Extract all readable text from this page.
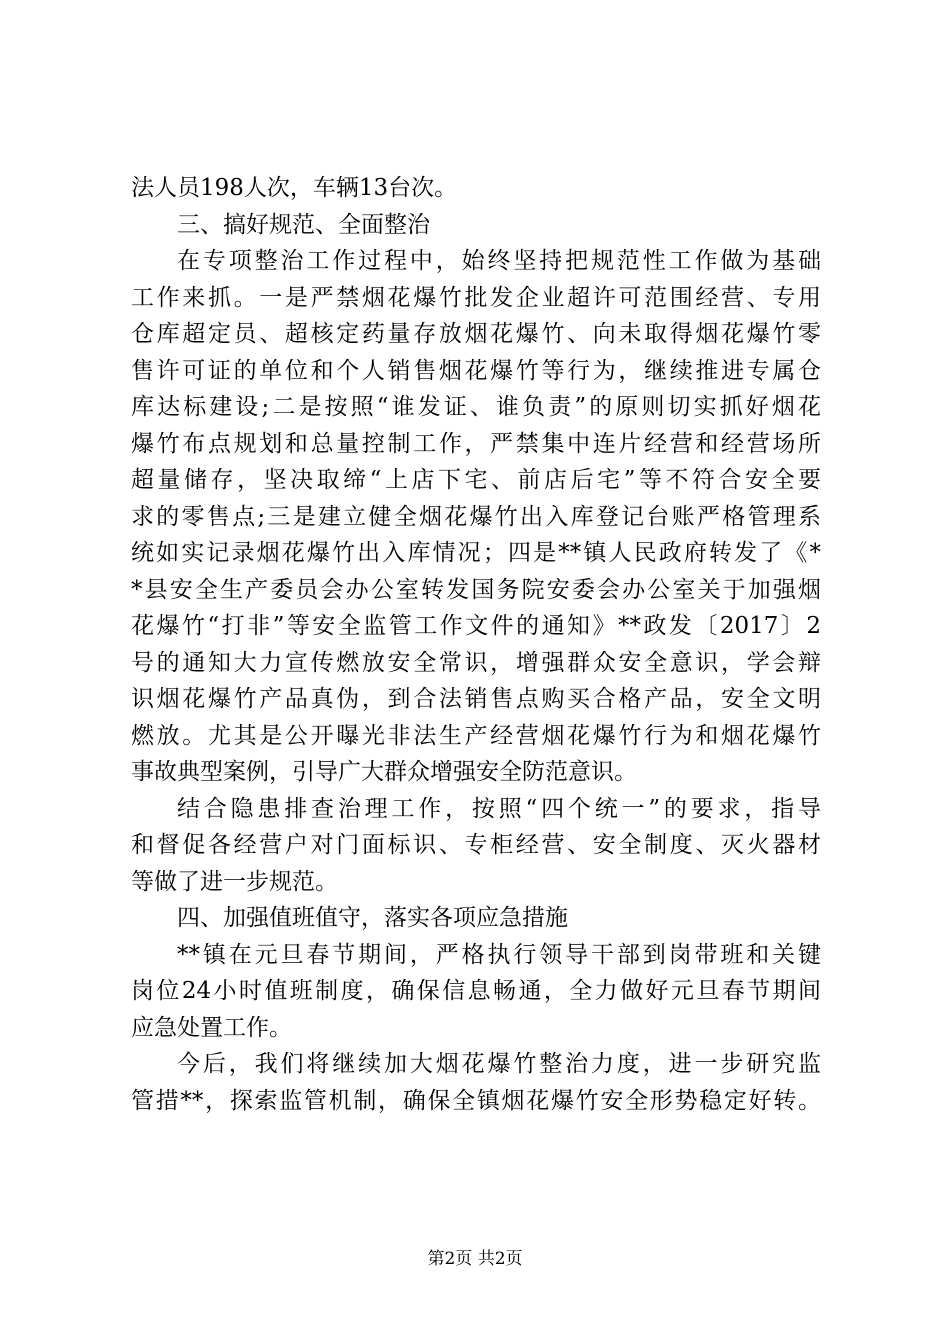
法人员198人次，车辆13台次。
三、搞好规范、全面整治
在专项整治工作过程中，始终坚持把规范性工作做为基础
工作来抓。一是严禁烟花爆竹批发企业超许可范围经营、专用
仓库超定员、超核定药量存放烟花爆竹、向未取得烟花爆竹零
售许可证的单位和个人销售烟花爆竹等行为，继续推进专属仓
库达标建设;二是按照“谁发证、谁负责”的原则切实抓好烟花
爆竹布点规划和总量控制工作，严禁集中连片经营和经营场所
超量储存，坚决取缔“上店下宅、前店后宅”等不符合安全要
求的零售点;三是建立健全烟花爆竹出入库登记台账严格管理系
统如实记录烟花爆竹出入库情况；四是**镇人民政府转发了《*
*县安全生产委员会办公室转发国务院安委会办公室关于加强烟
花爆竹“打非”等安全监管工作文件的通知》**政发〔2017〕2
号的通知大力宣传燃放安全常识，增强群众安全意识，学会辩
识烟花爆竹产品真伪，到合法销售点购买合格产品，安全文明
燃放。尤其是公开曝光非法生产经营烟花爆竹行为和烟花爆竹
事故典型案例，引导广大群众增强安全防范意识。
结合隐患排查治理工作，按照“四个统一”的要求，指导
和督促各经营户对门面标识、专柜经营、安全制度、灭火器材
等做了进一步规范。
四、加强值班值守，落实各项应急措施
**镇在元旦春节期间，严格执行领导干部到岗带班和关键
岗位24小时值班制度，确保信息畅通，全力做好元旦春节期间
应急处置工作。
今后，我们将继续加大烟花爆竹整治力度，进一步研究监
管措**，探索监管机制，确保全镇烟花爆竹安全形势稳定好转。
第2页 共2页
